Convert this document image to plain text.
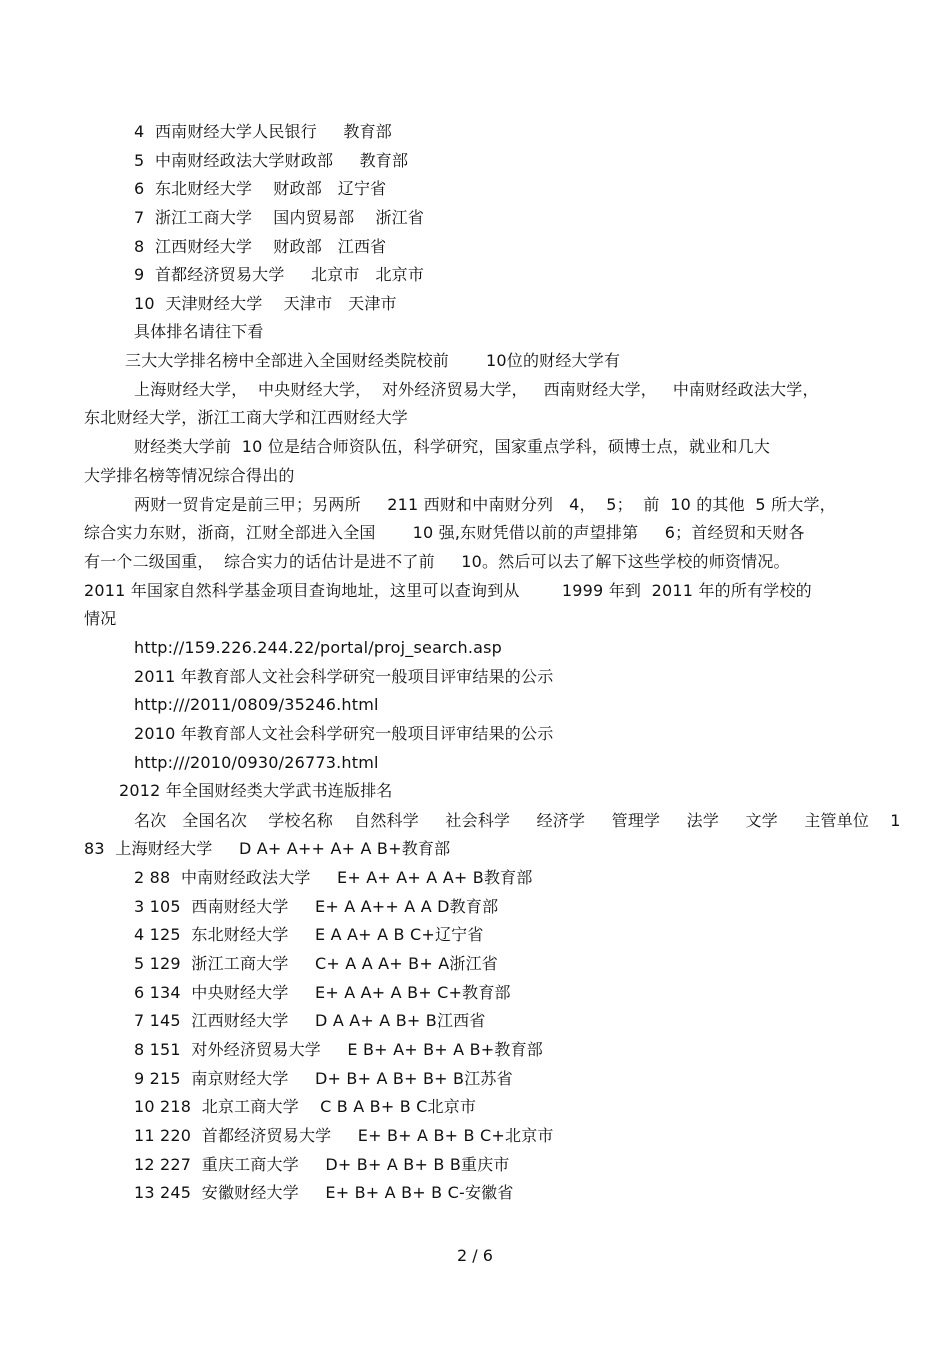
4  西南财经大学人民银行     教育部
5  中南财经政法大学财政部     教育部
6  东北财经大学    财政部   辽宁省
7  浙江工商大学    国内贸易部    浙江省
8  江西财经大学    财政部   江西省
9  首都经济贸易大学     北京市   北京市
10  天津财经大学    天津市   天津市
具体排名请往下看
三大大学排名榜中全部进入全国财经类院校前       10位的财经大学有
上海财经大学，  中央财经大学，  对外经济贸易大学，   西南财经大学，   中南财经政法大学，
东北财经大学，浙江工商大学和江西财经大学
财经类大学前  10 位是结合师资队伍，科学研究，国家重点学科，硕博士点，就业和几大
大学排名榜等情况综合得出的
两财一贸肯定是前三甲；另两所     211 西财和中南财分列   4，  5；  前  10 的其他  5 所大学，
综合实力东财，浙商，江财全部进入全国       10 强,东财凭借以前的声望排第     6；首经贸和天财各
有一个二级国重，  综合实力的话估计是进不了前     10。然后可以去了解下这些学校的师资情况。
2011 年国家自然科学基金项目查询地址，这里可以查询到从        1999 年到  2011 年的所有学校的
情况
http://159.226.244.22/portal/proj_search.asp
2011 年教育部人文社会科学研究一般项目评审结果的公示
http:///2011/0809/35246.html
2010 年教育部人文社会科学研究一般项目评审结果的公示
http:///2010/0930/26773.html
2012 年全国财经类大学武书连版排名
名次   全国名次    学校名称    自然科学     社会科学     经济学     管理学     法学     文学     主管单位    1
83  上海财经大学     D A+ A++ A+ A B+教育部
2 88  中南财经政法大学     E+ A+ A+ A A+ B教育部
3 105  西南财经大学     E+ A A++ A A D教育部
4 125  东北财经大学     E A A+ A B C+辽宁省
5 129  浙江工商大学     C+ A A A+ B+ A浙江省
6 134  中央财经大学     E+ A A+ A B+ C+教育部
7 145  江西财经大学     D A A+ A B+ B江西省
8 151  对外经济贸易大学     E B+ A+ B+ A B+教育部
9 215  南京财经大学     D+ B+ A B+ B+ B江苏省
10 218  北京工商大学    C B A B+ B C北京市
11 220  首都经济贸易大学     E+ B+ A B+ B C+北京市
12 227  重庆工商大学     D+ B+ A B+ B B重庆市
13 245  安徽财经大学     E+ B+ A B+ B C-安徽省
2 / 6
